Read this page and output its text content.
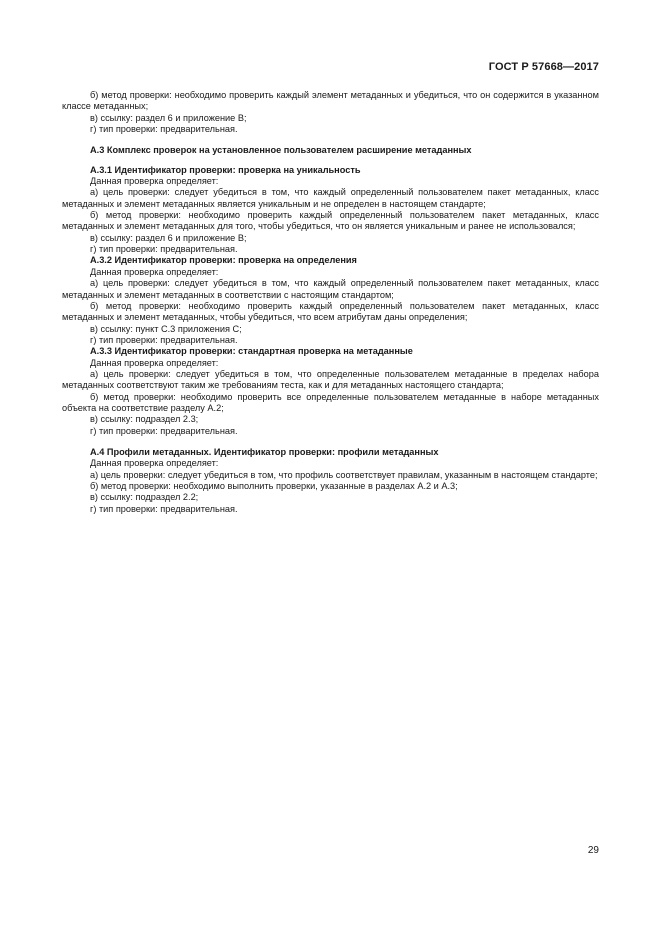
ГОСТ Р 57668—2017

б) метод проверки: необходимо проверить каждый элемент метаданных и убедиться, что он содержится в указанном классе метаданных;

в) ссылку: раздел 6 и приложение В;

г) тип проверки: предварительная.

А.3 Комплекс проверок на установленное пользователем расширение метаданных

А.3.1 Идентификатор проверки: проверка на уникальность

Данная проверка определяет:

а) цель проверки: следует убедиться в том, что каждый определенный пользователем пакет метаданных, класс метаданных и элемент метаданных является уникальным и не определен в настоящем стандарте;

б) метод проверки: необходимо проверить каждый определенный пользователем пакет метаданных, класс метаданных и элемент метаданных для того, чтобы убедиться, что он является уникальным и ранее не использовался;

в) ссылку: раздел 6 и приложение В;

г) тип проверки: предварительная.

А.3.2 Идентификатор проверки: проверка на определения

Данная проверка определяет:

а) цель проверки: следует убедиться в том, что каждый определенный пользователем пакет метаданных, класс метаданных и элемент метаданных в соответствии с настоящим стандартом;

б) метод проверки: необходимо проверить каждый определенный пользователем пакет метаданных, класс метаданных и элемент метаданных, чтобы убедиться, что всем атрибутам даны определения;

в) ссылку: пункт С.3 приложения С;

г) тип проверки: предварительная.

А.3.3 Идентификатор проверки: стандартная проверка на метаданные

Данная проверка определяет:

а) цель проверки: следует убедиться в том, что определенные пользователем метаданные в пределах набора метаданных соответствуют таким же требованиям теста, как и для метаданных настоящего стандарта;

б) метод проверки: необходимо проверить все определенные пользователем метаданные в наборе метаданных объекта на соответствие разделу А.2;

в) ссылку: подраздел 2.3;

г) тип проверки: предварительная.

А.4 Профили метаданных. Идентификатор проверки: профили метаданных

Данная проверка определяет:

а) цель проверки: следует убедиться в том, что профиль соответствует правилам, указанным в настоящем стандарте;

б) метод проверки: необходимо выполнить проверки, указанные в разделах А.2 и А.3;

в) ссылку: подраздел 2.2;

г) тип проверки: предварительная.

29
